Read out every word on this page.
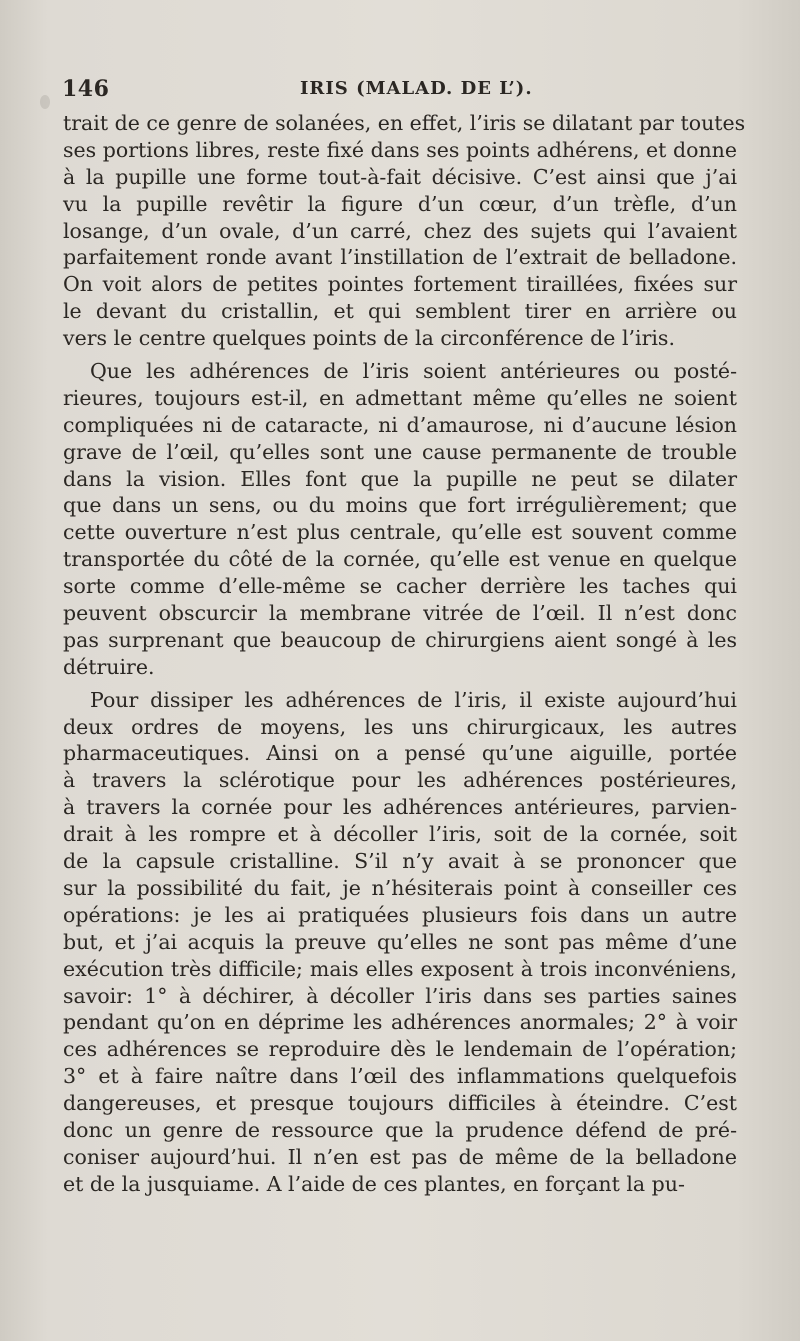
146	IRIS (MALAD. DE L’).
trait de ce genre de solanées, en effet, l’iris se dilatant par toutes
ses portions libres, reste fixé dans ses points adhérens, et donne
à la pupille une forme tout-à-fait décisive. C’est ainsi que j’ai
vu la pupille revêtir la figure d’un cœur, d’un trèfle, d’un
losange, d’un ovale, d’un carré, chez des sujets qui l’avaient
parfaitement ronde avant l’instillation de l’extrait de belladone.
On voit alors de petites pointes fortement tiraillées, fixées sur
le devant du cristallin, et qui semblent tirer en arrière ou
vers le centre quelques points de la circonférence de l’iris.
Que les adhérences de l’iris soient antérieures ou posté-
rieures, toujours est-il, en admettant même qu’elles ne soient
compliquées ni de cataracte, ni d’amaurose, ni d’aucune lésion
grave de l’œil, qu’elles sont une cause permanente de trouble
dans la vision. Elles font que la pupille ne peut se dilater
que dans un sens, ou du moins que fort irrégulièrement; que
cette ouverture n’est plus centrale, qu’elle est souvent comme
transportée du côté de la cornée, qu’elle est venue en quelque
sorte comme d’elle-même se cacher derrière les taches qui
peuvent obscurcir la membrane vitrée de l’œil. Il n’est donc
pas surprenant que beaucoup de chirurgiens aient songé à les
détruire.
Pour dissiper les adhérences de l’iris, il existe aujourd’hui
deux ordres de moyens, les uns chirurgicaux, les autres
pharmaceutiques. Ainsi on a pensé qu’une aiguille, portée
à travers la sclérotique pour les adhérences postérieures,
à travers la cornée pour les adhérences antérieures, parvien-
drait à les rompre et à décoller l’iris, soit de la cornée, soit
de la capsule cristalline. S’il n’y avait à se prononcer que
sur la possibilité du fait, je n’hésiterais point à conseiller ces
opérations: je les ai pratiquées plusieurs fois dans un autre
but, et j’ai acquis la preuve qu’elles ne sont pas même d’une
exécution très difficile; mais elles exposent à trois inconvéniens,
savoir: 1° à déchirer, à décoller l’iris dans ses parties saines
pendant qu’on en déprime les adhérences anormales; 2° à voir
ces adhérences se reproduire dès le lendemain de l’opération;
3° et à faire naître dans l’œil des inflammations quelquefois
dangereuses, et presque toujours difficiles à éteindre. C’est
donc un genre de ressource que la prudence défend de pré-
coniser aujourd’hui. Il n’en est pas de même de la belladone
et de la jusquiame. A l’aide de ces plantes, en forçant la pu-
